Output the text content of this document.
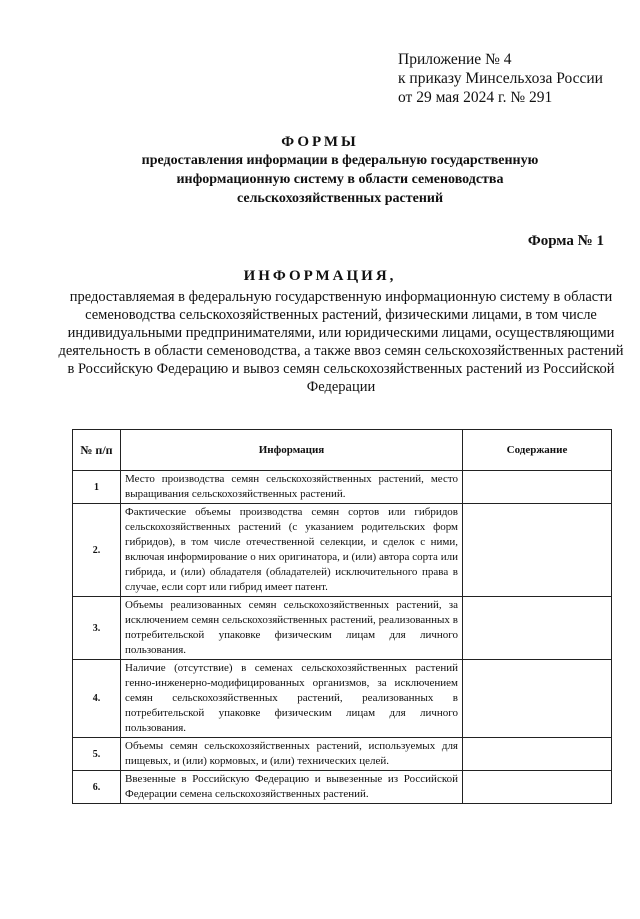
Приложение № 4
к приказу Минсельхоза России
от 29 мая 2024 г. № 291
ФОРМЫ
предоставления информации в федеральную государственную
информационную систему в области семеноводства
сельскохозяйственных растений
Форма № 1
ИНФОРМАЦИЯ,
предоставляемая в федеральную государственную информационную систему в области семеноводства сельскохозяйственных растений, физическими лицами, в том числе индивидуальными предпринимателями, или юридическими лицами, осуществляющими деятельность в области семеноводства, а также ввоз семян сельскохозяйственных растений в Российскую Федерацию и вывоз семян сельскохозяйственных растений из Российской Федерации
№ п/п	Информация	Содержание
1	Место производства семян сельскохозяйственных растений, место выращивания сельскохозяйственных растений.	
2.	Фактические объемы производства семян сортов или гибридов сельскохозяйственных растений (с указанием родительских форм гибридов), в том числе отечественной селекции, и сделок с ними, включая информирование о них оригинатора, и (или) автора сорта или гибрида, и (или) обладателя (обладателей) исключительного права в случае, если сорт или гибрид имеет патент.	
3.	Объемы реализованных семян сельскохозяйственных растений, за исключением семян сельскохозяйственных растений, реализованных в потребительской упаковке физическим лицам для личного пользования.	
4.	Наличие (отсутствие) в семенах сельскохозяйственных растений генно-инженерно-модифицированных организмов, за исключением семян сельскохозяйственных растений, реализованных в потребительской упаковке физическим лицам для личного пользования.	
5.	Объемы семян сельскохозяйственных растений, используемых для пищевых, и (или) кормовых, и (или) технических целей.	
6.	Ввезенные в Российскую Федерацию и вывезенные из Российской Федерации семена сельскохозяйственных растений.	
